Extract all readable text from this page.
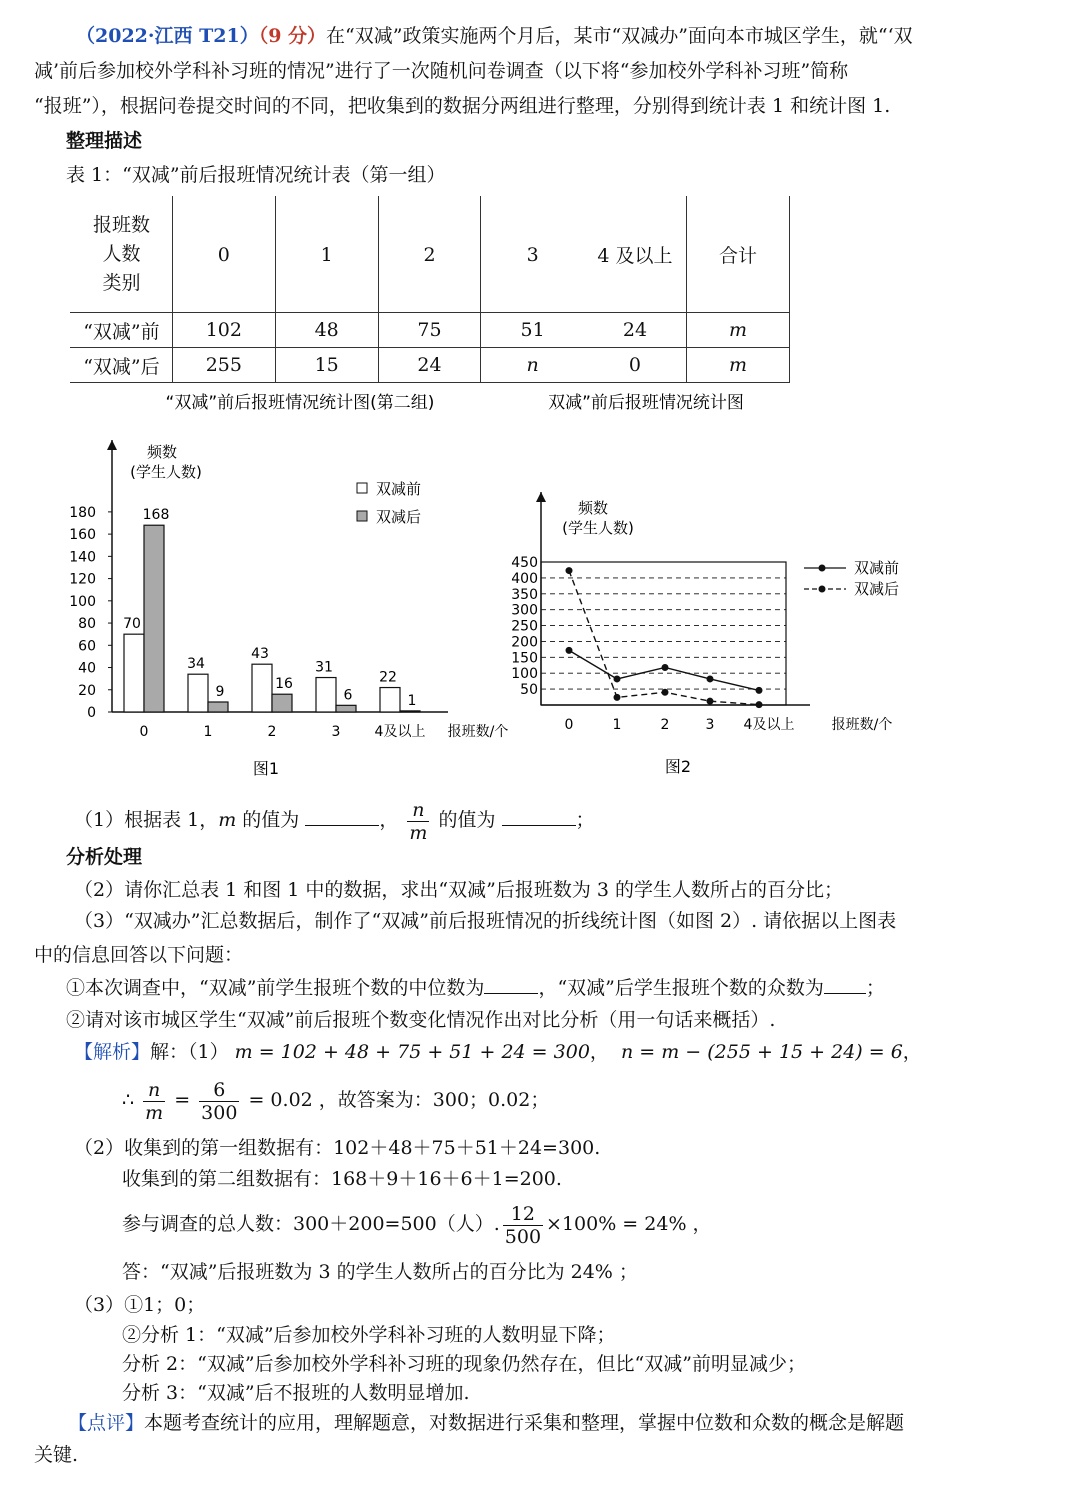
（2022·江西 T21）（9 分）在“双减”政策实施两个月后，某市“双减办”面向本市城区学生，就“‘双
减’前后参加校外学科补习班的情况”进行了一次随机问卷调查（以下将“参加校外学科补习班”简称
“报班”），根据问卷提交时间的不同，把收集到的数据分两组进行整理，分别得到统计表 1 和统计图 1.
整理描述
表 1：“双减”前后报班情况统计表（第一组）
报班数
人数
类别	0	1	2	3	4 及以上	合计
“双减”前	102	48	75	51	24	m
“双减”后	255	15	24	n	0	m
“双减”前后报班情况统计图(第二组)
频数
(学生人数)
0
20
40
60
80
100
120
140
160
180
70
168
0
34
9
1
43
16
2
31
6
3
22
1
4及以上 报班数/个
双减前
双减后
图1
双减”前后报班情况统计图
频数
(学生人数)
50
100
150
200
250
300
350
400
450
0	1	2	3 4及以上	报班数/个
双减前
双减后
图2
（1）根据表 1，m 的值为	， $\frac{n}{m}$ 的值为	；
分析处理
（2）请你汇总表 1 和图 1 中的数据，求出“双减”后报班数为 3 的学生人数所占的百分比；
（3）“双减办”汇总数据后，制作了“双减”前后报班情况的折线统计图（如图 2）. 请依据以上图表
中的信息回答以下问题：
①本次调查中，“双减”前学生报班个数的中位数为	，“双减”后学生报班个数的众数为 ；
②请对该市城区学生“双减”前后报班个数变化情况作出对比分析（用一句话来概括）.
【解析】解：（1） m = 102 + 48 + 75 + 51 + 24 = 300， n = m − (255 + 15 + 24) = 6，
∴ $\frac{n}{m} = \frac{6}{300} = 0.02$ ，故答案为：300；0.02；
（2）收集到的第一组数据有：102＋48＋75＋51＋24=300.
收集到的第二组数据有：168＋9＋16＋6＋1=200.
参与调查的总人数：300＋200=500（人）. $\frac{12}{500} \times 100\% = 24\%$ ，
答：“双减”后报班数为 3 的学生人数所占的百分比为 24% ；
（3）①1；0；
②分析 1：“双减”后参加校外学科补习班的人数明显下降；
分析 2：“双减”后参加校外学科补习班的现象仍然存在，但比“双减”前明显减少；
分析 3：“双减”后不报班的人数明显增加.
【点评】本题考查统计的应用，理解题意，对数据进行采集和整理，掌握中位数和众数的概念是解题
关键.
